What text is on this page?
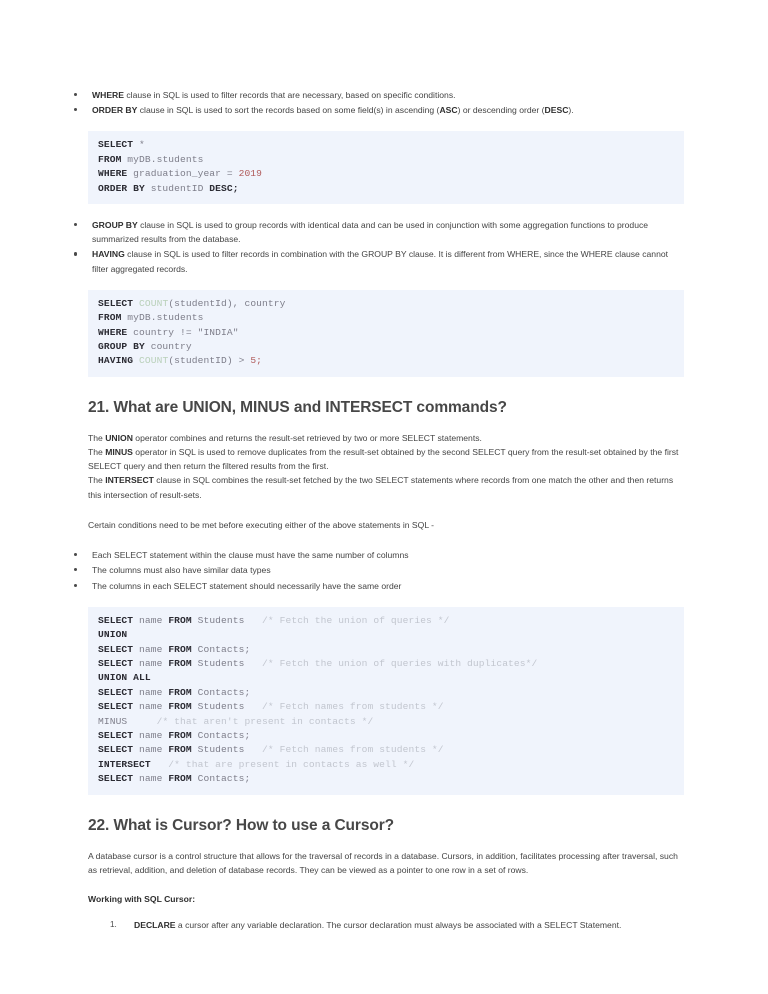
WHERE clause in SQL is used to filter records that are necessary, based on specific conditions.
ORDER BY clause in SQL is used to sort the records based on some field(s) in ascending (ASC) or descending order (DESC).
SELECT *
FROM myDB.students
WHERE graduation_year = 2019
ORDER BY studentID DESC;
GROUP BY clause in SQL is used to group records with identical data and can be used in conjunction with some aggregation functions to produce summarized results from the database.
HAVING clause in SQL is used to filter records in combination with the GROUP BY clause. It is different from WHERE, since the WHERE clause cannot filter aggregated records.
SELECT COUNT(studentId), country
FROM myDB.students
WHERE country != "INDIA"
GROUP BY country
HAVING COUNT(studentID) > 5;
21. What are UNION, MINUS and INTERSECT commands?

The UNION operator combines and returns the result-set retrieved by two or more SELECT statements.
The MINUS operator in SQL is used to remove duplicates from the result-set obtained by the second SELECT query from the result-set obtained by the first SELECT query and then return the filtered results from the first.
The INTERSECT clause in SQL combines the result-set fetched by the two SELECT statements where records from one match the other and then returns this intersection of result-sets.

Certain conditions need to be met before executing either of the above statements in SQL -

Each SELECT statement within the clause must have the same number of columns
The columns must also have similar data types
The columns in each SELECT statement should necessarily have the same order
SELECT name FROM Students   /* Fetch the union of queries */
UNION
SELECT name FROM Contacts;
SELECT name FROM Students   /* Fetch the union of queries with duplicates*/
UNION ALL
SELECT name FROM Contacts;
SELECT name FROM Students   /* Fetch names from students */
MINUS	/* that aren't present in contacts */
SELECT name FROM Contacts;
SELECT name FROM Students   /* Fetch names from students */
INTERSECT /* that are present in contacts as well */
SELECT name FROM Contacts;
22. What is Cursor? How to use a Cursor?

A database cursor is a control structure that allows for the traversal of records in a database. Cursors, in addition, facilitates processing after traversal, such as retrieval, addition, and deletion of database records. They can be viewed as a pointer to one row in a set of rows.

Working with SQL Cursor:

1. DECLARE a cursor after any variable declaration. The cursor declaration must always be associated with a SELECT Statement.
